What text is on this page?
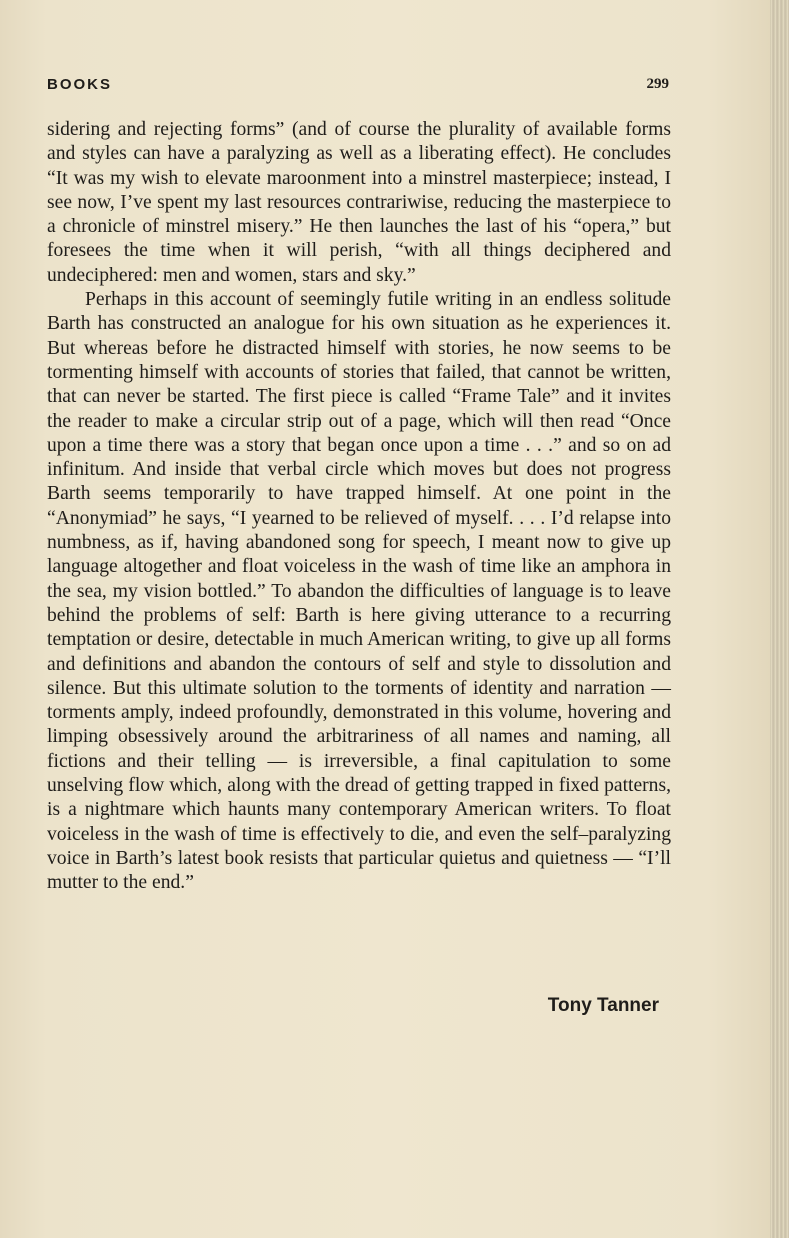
BOOKS	299

sidering and rejecting forms” (and of course the plurality of available forms and styles can have a paralyzing as well as a liberating effect). He concludes “It was my wish to elevate maroonment into a minstrel masterpiece; instead, I see now, I’ve spent my last resources contrariwise, reducing the masterpiece to a chronicle of minstrel misery.” He then launches the last of his “opera,” but foresees the time when it will perish, “with all things deciphered and undeciphered: men and women, stars and sky.”

Perhaps in this account of seemingly futile writing in an endless solitude Barth has constructed an analogue for his own situation as he experiences it. But whereas before he distracted himself with stories, he now seems to be tormenting himself with accounts of stories that failed, that cannot be written, that can never be started. The first piece is called “Frame Tale” and it invites the reader to make a circular strip out of a page, which will then read “Once upon a time there was a story that began once upon a time . . .” and so on ad infinitum. And inside that verbal circle which moves but does not progress Barth seems temporarily to have trapped himself. At one point in the “Anonymiad” he says, “I yearned to be relieved of myself. . . . I’d relapse into numbness, as if, having abandoned song for speech, I meant now to give up language altogether and float voiceless in the wash of time like an amphora in the sea, my vision bottled.” To abandon the difficulties of language is to leave behind the problems of self: Barth is here giving utterance to a recurring temptation or desire, detectable in much American writing, to give up all forms and definitions and abandon the contours of self and style to dissolution and silence. But this ultimate solution to the torments of identity and narration — torments amply, indeed profoundly, demonstrated in this volume, hovering and limping obsessively around the arbitrariness of all names and naming, all fictions and their telling — is irreversible, a final capitulation to some unselving flow which, along with the dread of getting trapped in fixed patterns, is a nightmare which haunts many contemporary American writers. To float voiceless in the wash of time is effectively to die, and even the self–paralyzing voice in Barth’s latest book resists that particular quietus and quietness — “I’ll mutter to the end.”

Tony Tanner
